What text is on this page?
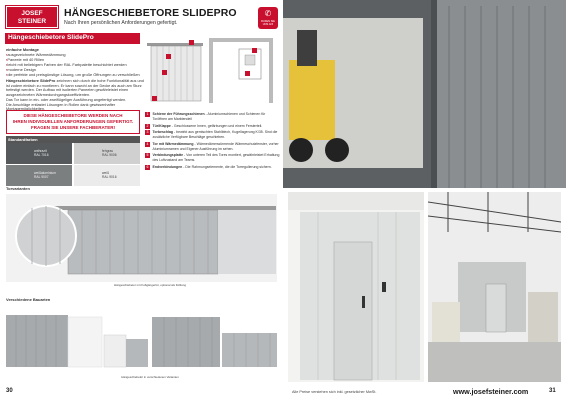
JOSEF
STEINER
HÄNGESCHIEBETORE SLIDEPRO
Nach Ihren persönlichen Anforderungen gefertigt.
✆
RUFEN SIE UNS AN!
Hängeschiebetore SlidePro
einfache Montage
▪ ausgezeichnete Wärmedämmung
▪ Paneele mit 40 Rillen
▪ leicht mit beliebigem Farben der RAL Farbpalette beschichtet werden
▪ moderne Design
▪ die perfekte und preisgünstige Lösung, um große Öffnungen zu verschließen
Hängeschiebetore SlidePro zeichnen sich durch die hohe Funktionalität aus und ist zudem einfach zu montieren. Er kann sowohl an der Decke als auch am Sturz befestigt werden. Der Aufbau mit isolierten Paneelen gewährleistet einen ausgezeichneten Wärmedurchgangskoeffizienten.
Das Tor kann in ein- oder zweiflügeliger Ausführung angefertigt werden.
Die Anschläge entlastet Lösungen in Rollen dank gewissenhafter Montagemöglichkeiten.
DIESE HÄNGESCHIEBETORE WERDEN NACH
IHREN INDIVIDUELLEN ANFORDERUNGEN GEFERTIGT.
FRAGEN SIE UNSERE FACHBERATER!
Standardfarben
anthrazit
RAL 7016
fehgrau
RAL 9006
weißaluminium
RAL 9007
weiß
RAL 9016
1	Schiene der Führungsschienen - Aluminiumschienen und Schienen für Toröffnen am Marktendeil
2	Tür/Klappe - Geschlossene Innen, gefärbungen und einem Fersterteil.
3	Torbeschlag - bewirkt aus gemischten Stahlblech, Kugellagerung K/35. Sind die zusätzliche Verfügbare Beschläge geschieben.
4	Tor mit Wärmedämmung - Wärmedämmwürmende Wärmeschutzfenster, vorher Aluminiumramen und Eigener Ausführung im sehen.
5	Verbindungsplatte - Von unteren Teil des Tores montiert, gewährleistet Erhaltung des Luftzustand am Teams.
6	Endverbindungen - Die Rahmungselemente, die die Torregulierung sichern.
Torvarianten
Hängeschiebetor mit Fußgängertür, optional als Fülltung
Verschiedene Bauarten
Hängeschiebetür in verschiedenen Varianten
30	Alle Preise verstehen sich inkl. gesetzlicher MwSt.	www.josefsteiner.com	31
